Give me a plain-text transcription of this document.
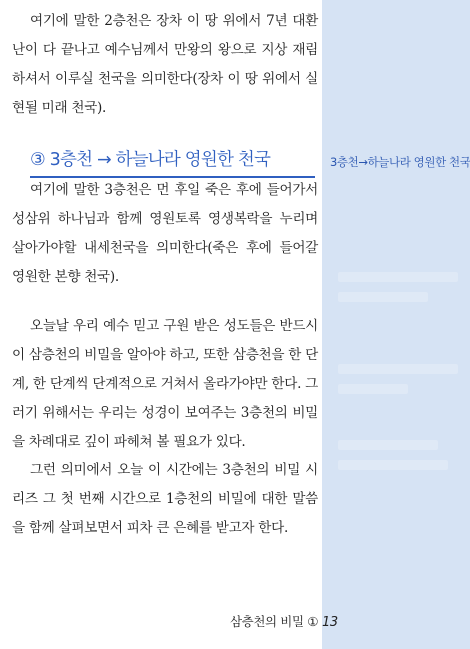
3층천→하늘나라 영원한 천국

여기에 말한 2층천은 장차 이 땅 위에서 7년 대환난이 다 끝나고 예수님께서 만왕의 왕으로 지상 재림하셔서 이루실 천국을 의미한다(장차 이 땅 위에서 실현될 미래 천국).

③ 3층천 → 하늘나라 영원한 천국

여기에 말한 3층천은 먼 후일 죽은 후에 들어가서 성삼위 하나님과 함께 영원토록 영생복락을 누리며 살아가야할 내세천국을 의미한다(죽은 후에 들어갈 영원한 본향 천국).

오늘날 우리 예수 믿고 구원 받은 성도들은 반드시 이 삼층천의 비밀을 알아야 하고, 또한 삼층천을 한 단계, 한 단계씩 단계적으로 거쳐서 올라가야만 한다. 그러기 위해서는 우리는 성경이 보여주는 3층천의 비밀을 차례대로 깊이 파헤쳐 볼 필요가 있다.

그런 의미에서 오늘 이 시간에는 3층천의 비밀 시리즈 그 첫 번째 시간으로 1층천의 비밀에 대한 말씀을 함께 살펴보면서 피차 큰 은혜를 받고자 한다.

삼층천의 비밀 ① 13
